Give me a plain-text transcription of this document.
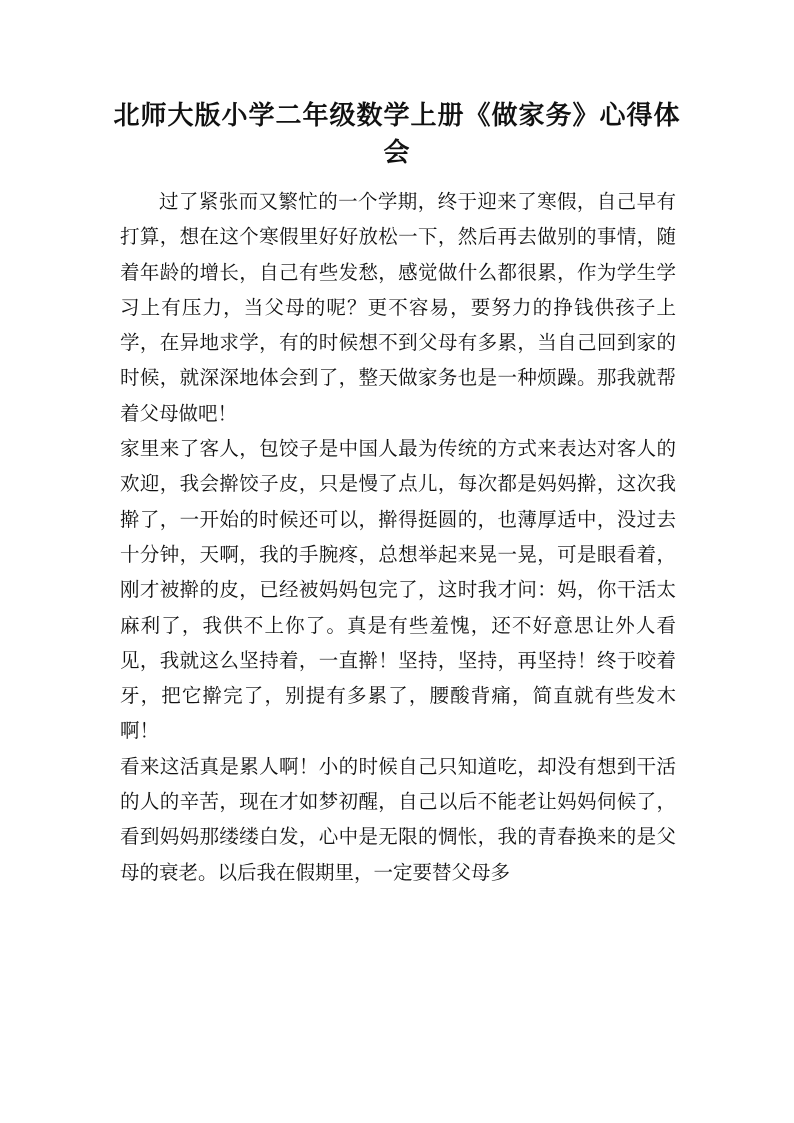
北师大版小学二年级数学上册《做家务》心得体会

过了紧张而又繁忙的一个学期，终于迎来了寒假，自己早有打算，想在这个寒假里好好放松一下，然后再去做别的事情，随着年龄的增长，自己有些发愁，感觉做什么都很累，作为学生学习上有压力，当父母的呢？更不容易，要努力的挣钱供孩子上学，在异地求学，有的时候想不到父母有多累，当自己回到家的时候，就深深地体会到了，整天做家务也是一种烦躁。那我就帮着父母做吧！

家里来了客人，包饺子是中国人最为传统的方式来表达对客人的欢迎，我会擀饺子皮，只是慢了点儿，每次都是妈妈擀，这次我擀了，一开始的时候还可以，擀得挺圆的，也薄厚适中，没过去十分钟，天啊，我的手腕疼，总想举起来晃一晃，可是眼看着，刚才被擀的皮，已经被妈妈包完了，这时我才问：妈，你干活太麻利了，我供不上你了。真是有些羞愧，还不好意思让外人看见，我就这么坚持着，一直擀！坚持，坚持，再坚持！终于咬着牙，把它擀完了，别提有多累了，腰酸背痛，简直就有些发木啊！

看来这活真是累人啊！小的时候自己只知道吃，却没有想到干活的人的辛苦，现在才如梦初醒，自己以后不能老让妈妈伺候了，看到妈妈那缕缕白发，心中是无限的惆怅，我的青春换来的是父母的衰老。以后我在假期里，一定要替父母多
